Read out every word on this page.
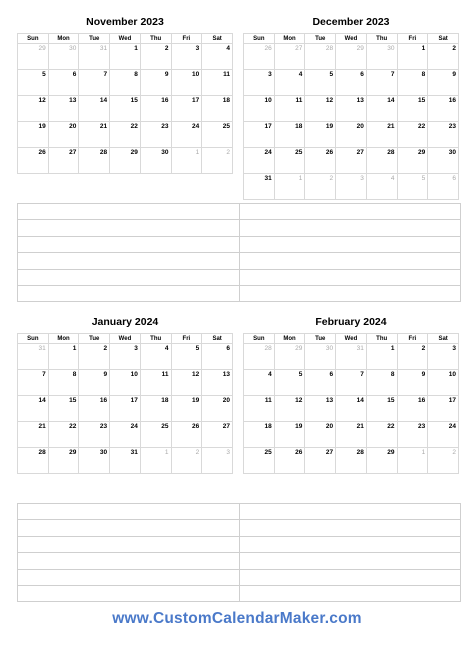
November 2023
Sun	Mon	Tue	Wed	Thu	Fri	Sat
29	30	31	1	2	3	4
5	6	7	8	9	10	11
12	13	14	15	16	17	18
19	20	21	22	23	24	25
26	27	28	29	30	1	2
December 2023
Sun	Mon	Tue	Wed	Thu	Fri	Sat
26	27	28	29	30	1	2
3	4	5	6	7	8	9
10	11	12	13	14	15	16
17	18	19	20	21	22	23
24	25	26	27	28	29	30
31	1	2	3	4	5	6
January 2024
Sun	Mon	Tue	Wed	Thu	Fri	Sat
31	1	2	3	4	5	6
7	8	9	10	11	12	13
14	15	16	17	18	19	20
21	22	23	24	25	26	27
28	29	30	31	1	2	3
February 2024
Sun	Mon	Tue	Wed	Thu	Fri	Sat
28	29	30	31	1	2	3
4	5	6	7	8	9	10
11	12	13	14	15	16	17
18	19	20	21	22	23	24
25	26	27	28	29	1	2
www.CustomCalendarMaker.com
